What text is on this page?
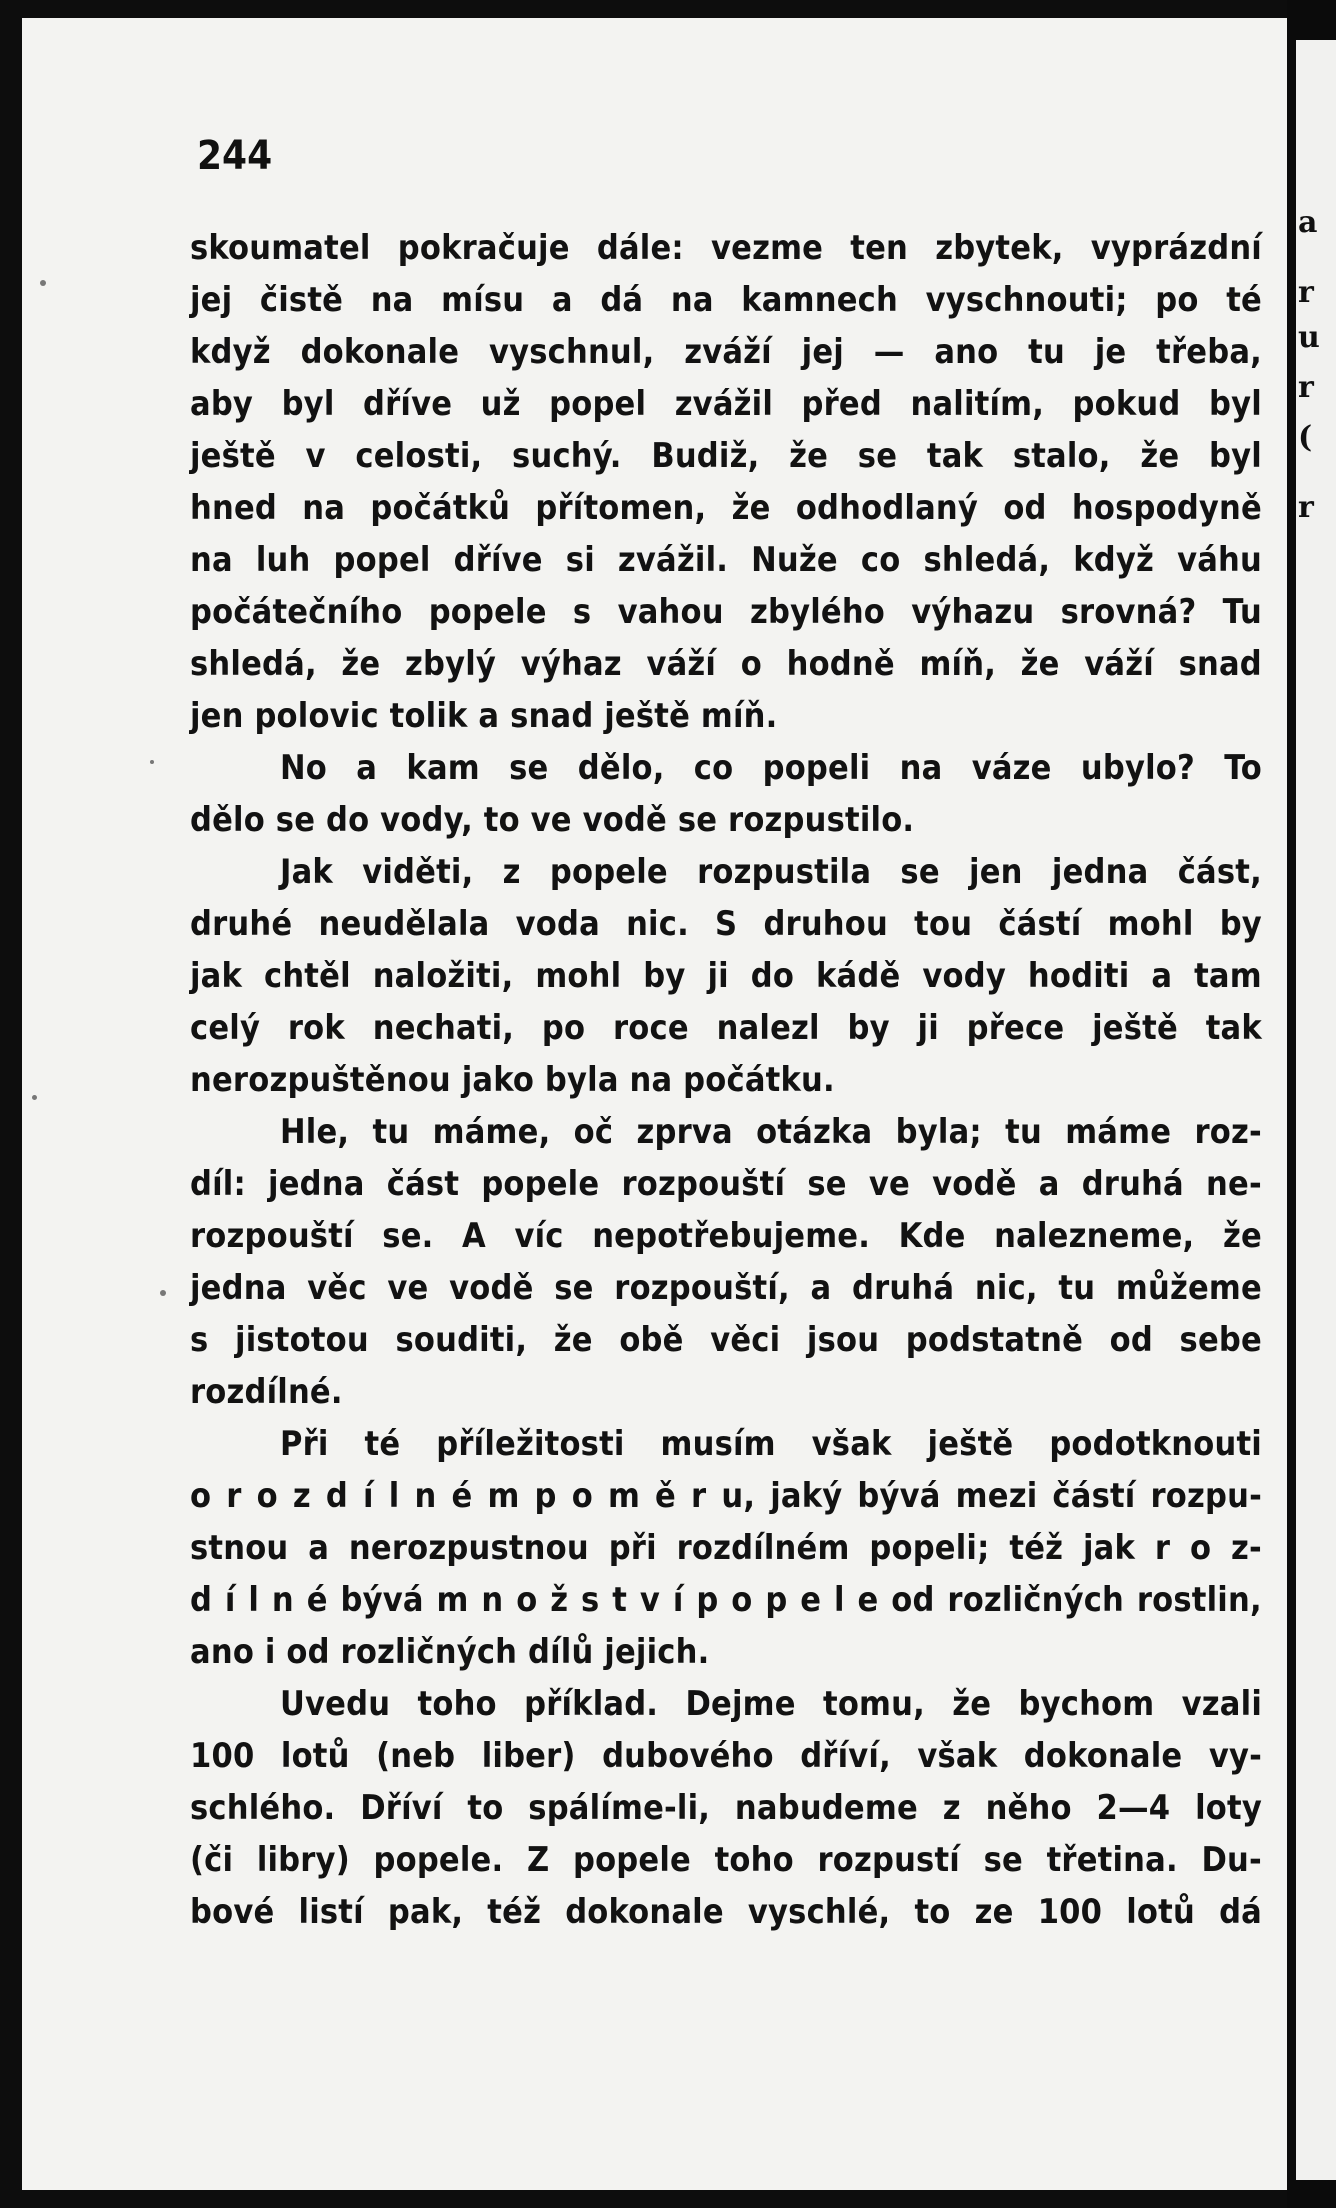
a
r
u
r
(
r
244
skoumatel pokračuje dále: vezme ten zbytek, vyprázdní
jej čistě na mísu a dá na kamnech vyschnouti; po té
když dokonale vyschnul, zváží jej — ano tu je třeba,
aby byl dříve už popel zvážil před nalitím, pokud byl
ještě v celosti, suchý. Budiž, že se tak stalo, že byl
hned na počátků přítomen, že odhodlaný od hospodyně
na luh popel dříve si zvážil. Nuže co shledá, když váhu
počátečního popele s vahou zbylého výhazu srovná? Tu
shledá, že zbylý výhaz váží o hodně míň, že váží snad
jen polovic tolik a snad ještě míň.
No a kam se dělo, co popeli na váze ubylo? To
dělo se do vody, to ve vodě se rozpustilo.
Jak viděti, z popele rozpustila se jen jedna část,
druhé neudělala voda nic. S druhou tou částí mohl by
jak chtěl naložiti, mohl by ji do kádě vody hoditi a tam
celý rok nechati, po roce nalezl by ji přece ještě tak
nerozpuštěnou jako byla na počátku.
Hle, tu máme, oč zprva otázka byla; tu máme roz-
díl: jedna část popele rozpouští se ve vodě a druhá ne-
rozpouští se. A víc nepotřebujeme. Kde nalezneme, že
jedna věc ve vodě se rozpouští, a druhá nic, tu můžeme
s jistotou souditi, že obě věci jsou podstatně od sebe
rozdílné.
Při té příležitosti musím však ještě podotknouti
o r o z d í l n é m p o m ě r u, jaký bývá mezi částí rozpu-
stnou a nerozpustnou při rozdílném popeli; též jak r o z-
d í l n é bývá m n o ž s t v í p o p e l e od rozličných rostlin,
ano i od rozličných dílů jejich.
Uvedu toho příklad. Dejme tomu, že bychom vzali
100 lotů (neb liber) dubového dříví, však dokonale vy-
schlého. Dříví to spálíme-li, nabudeme z něho 2—4 loty
(či libry) popele. Z popele toho rozpustí se třetina. Du-
bové listí pak, též dokonale vyschlé, to ze 100 lotů dá
